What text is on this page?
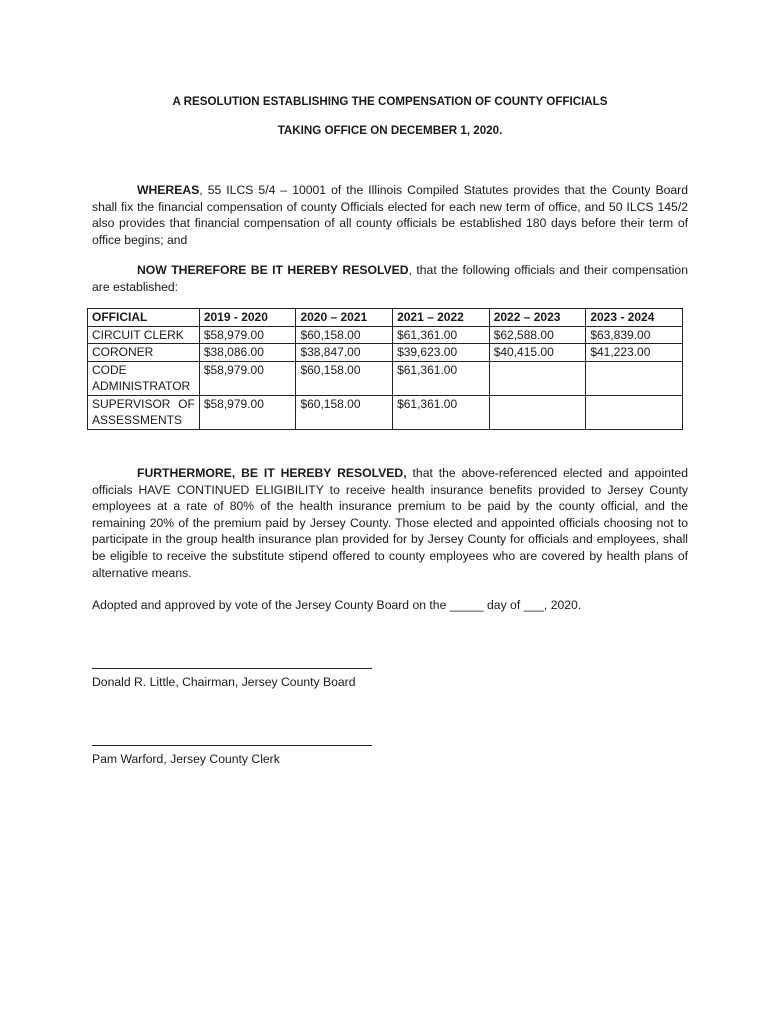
A RESOLUTION ESTABLISHING THE COMPENSATION OF COUNTY OFFICIALS
TAKING OFFICE ON DECEMBER 1, 2020.
WHEREAS, 55 ILCS 5/4 – 10001 of the Illinois Compiled Statutes provides that the County Board shall fix the financial compensation of county Officials elected for each new term of office, and 50 ILCS 145/2 also provides that financial compensation of all county officials be established 180 days before their term of office begins; and
NOW THEREFORE BE IT HEREBY RESOLVED, that the following officials and their compensation are established:
OFFICIAL	2019 - 2020	2020 – 2021	2021 – 2022	2022 – 2023	2023 - 2024
CIRCUIT CLERK	$58,979.00	$60,158.00	$61,361.00	$62,588.00	$63,839.00
CORONER	$38,086.00	$38,847.00	$39,623.00	$40,415.00	$41,223.00

CODE
ADMINISTRATOR	$58,979.00	$60,158.00	$61,361.00		

SUPERVISOR OF
ASSESSMENTS	$58,979.00	$60,158.00	$61,361.00		
FURTHERMORE, BE IT HEREBY RESOLVED, that the above-referenced elected and appointed officials HAVE CONTINUED ELIGIBILITY to receive health insurance benefits provided to Jersey County employees at a rate of 80% of the health insurance premium to be paid by the county official, and the remaining 20% of the premium paid by Jersey County. Those elected and appointed officials choosing not to participate in the group health insurance plan provided for by Jersey County for officials and employees, shall be eligible to receive the substitute stipend offered to county employees who are covered by health plans of alternative means.
Adopted and approved by vote of the Jersey County Board on the _____ day of ___, 2020.
Donald R. Little, Chairman, Jersey County Board
Pam Warford, Jersey County Clerk
